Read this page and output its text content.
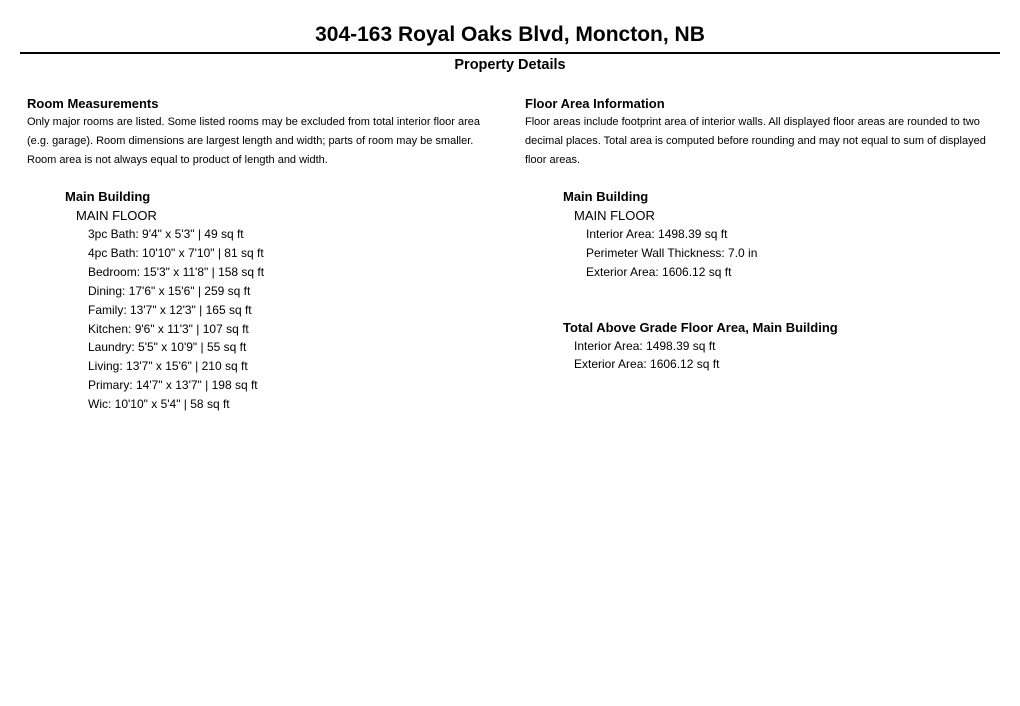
304-163 Royal Oaks Blvd, Moncton, NB
Property Details
Room Measurements
Only major rooms are listed. Some listed rooms may be excluded from total interior floor area
(e.g. garage). Room dimensions are largest length and width; parts of room may be smaller.
Room area is not always equal to product of length and width.
Main Building
MAIN FLOOR
3pc Bath: 9'4" x 5'3" | 49 sq ft
4pc Bath: 10'10" x 7'10" | 81 sq ft
Bedroom: 15'3" x 11'8" | 158 sq ft
Dining: 17'6" x 15'6" | 259 sq ft
Family: 13'7" x 12'3" | 165 sq ft
Kitchen: 9'6" x 11'3" | 107 sq ft
Laundry: 5'5" x 10'9" | 55 sq ft
Living: 13'7" x 15'6" | 210 sq ft
Primary: 14'7" x 13'7" | 198 sq ft
Wic: 10'10" x 5'4" | 58 sq ft
Floor Area Information
Floor areas include footprint area of interior walls. All displayed floor areas are rounded to two
decimal places. Total area is computed before rounding and may not equal to sum of displayed
floor areas.
Main Building
MAIN FLOOR
Interior Area: 1498.39 sq ft
Perimeter Wall Thickness: 7.0 in
Exterior Area: 1606.12 sq ft
Total Above Grade Floor Area, Main Building
Interior Area: 1498.39 sq ft
Exterior Area: 1606.12 sq ft
